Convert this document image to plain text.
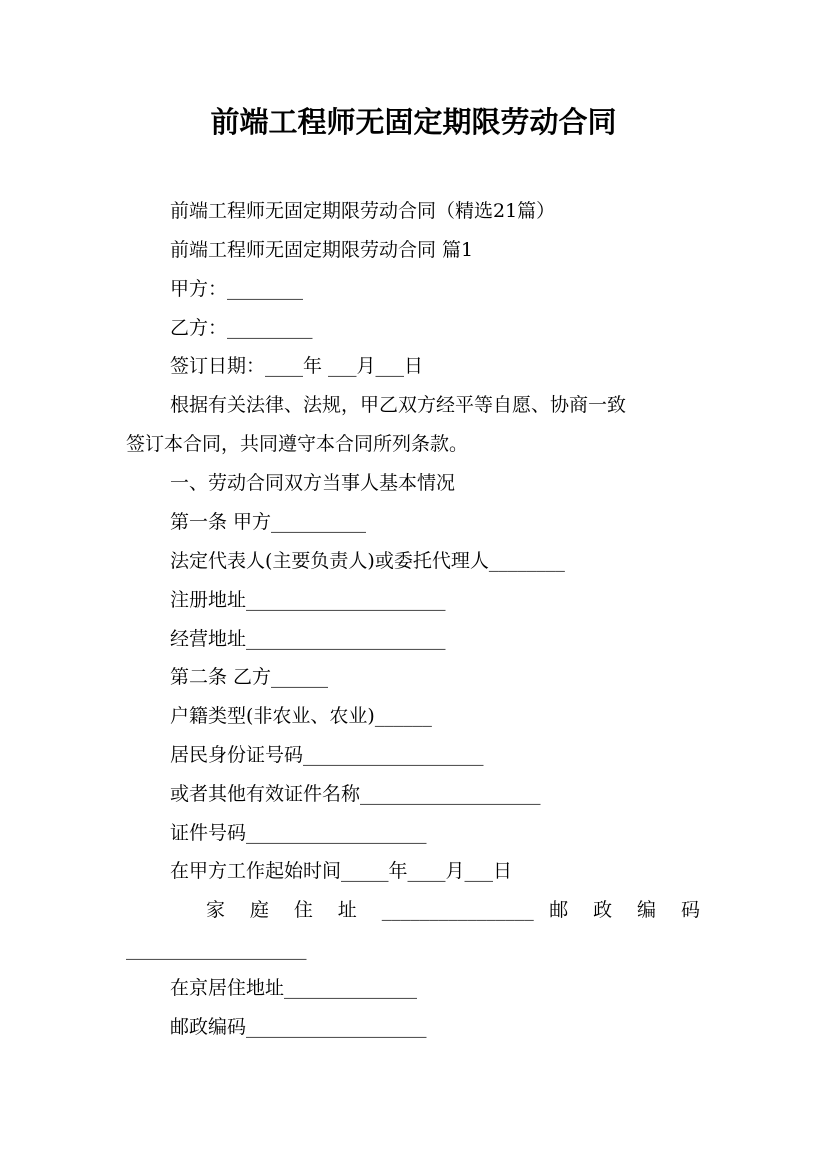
前端工程师无固定期限劳动合同
前端工程师无固定期限劳动合同（精选21篇）
前端工程师无固定期限劳动合同 篇1
甲方：________
乙方：_________
签订日期：____年 ___月___日
根据有关法律、法规，甲乙双方经平等自愿、协商一致
签订本合同，共同遵守本合同所列条款。
一、劳动合同双方当事人基本情况
第一条 甲方__________
法定代表人(主要负责人)或委托代理人________
注册地址_____________________
经营地址_____________________
第二条 乙方______
户籍类型(非农业、农业)______
居民身份证号码___________________
或者其他有效证件名称___________________
证件号码___________________
在甲方工作起始时间_____年____月___日
家 庭 住 址 ________________ 邮 政 编 码
___________________
在京居住地址______________
邮政编码___________________
